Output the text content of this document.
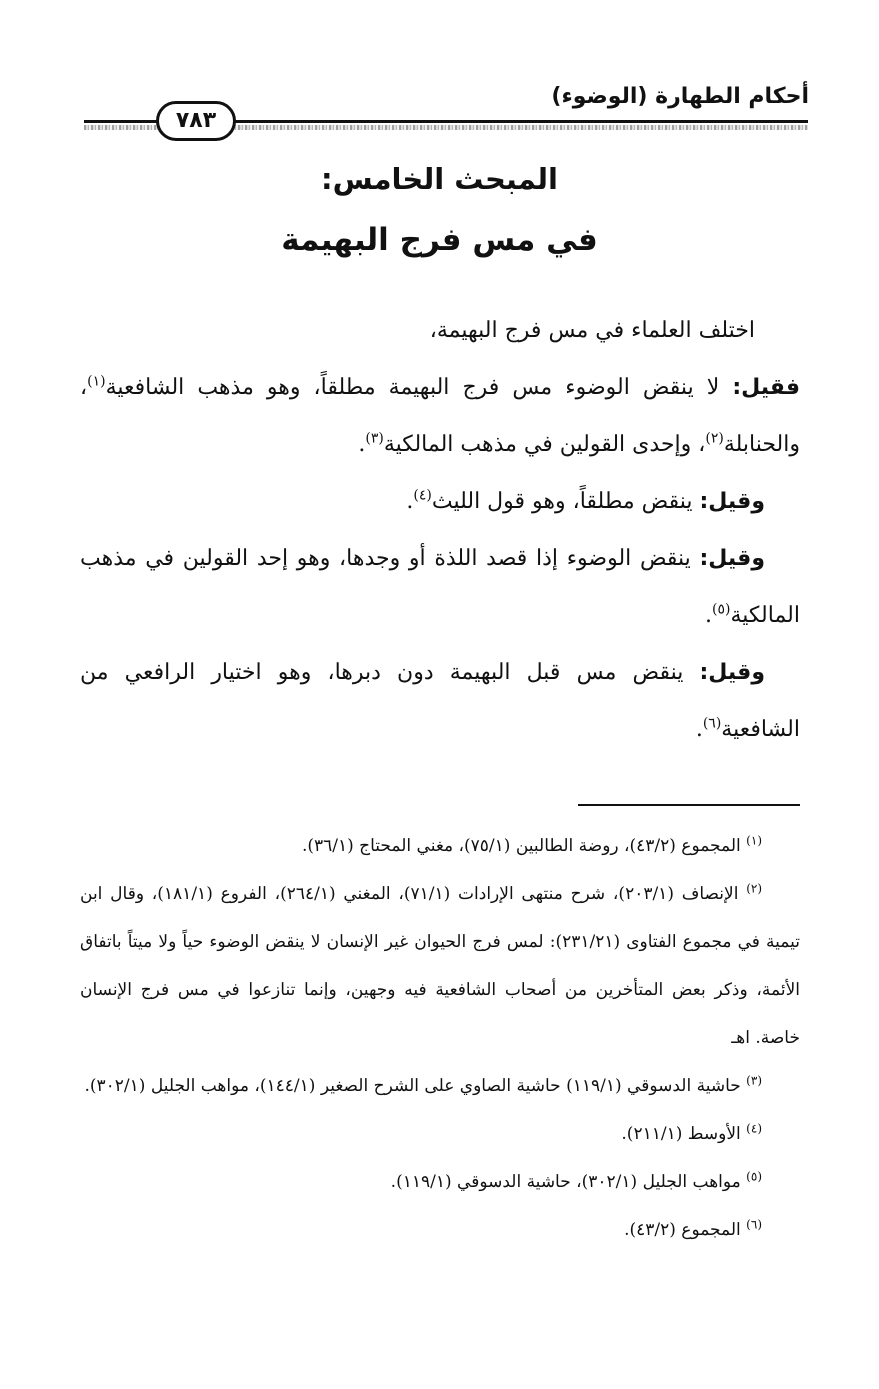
أحكام الطهارة (الوضوء)
٧٨٣
المبحث الخامس:
في مس فرج البهيمة

اختلف العلماء في مس فرج البهيمة،

فقيل: لا ينقض الوضوء مس فرج البهيمة مطلقاً، وهو مذهب الشافعية$^{(١)}$، والحنابلة$^{(٢)}$، وإحدى القولين في مذهب المالكية$^{(٣)}$.

وقيل: ينقض مطلقاً، وهو قول الليث$^{(٤)}$.

وقيل: ينقض الوضوء إذا قصد اللذة أو وجدها، وهو إحد القولين في مذهب المالكية$^{(٥)}$.

وقيل: ينقض مس قبل البهيمة دون دبرها، وهو اختيار الرافعي من الشافعية$^{(٦)}$.

$^{(١)}$ المجموع (٤٣/٢)، روضة الطالبين (٧٥/١)، مغني المحتاج (٣٦/١).

$^{(٢)}$ الإنصاف (٢٠٣/١)، شرح منتهى الإرادات (٧١/١)، المغني (٢٦٤/١)، الفروع (١٨١/١)، وقال ابن تيمية في مجموع الفتاوى (٢٣١/٢١): لمس فرج الحيوان غير الإنسان لا ينقض الوضوء حياً ولا ميتاً باتفاق الأئمة، وذكر بعض المتأخرين من أصحاب الشافعية فيه وجهين، وإنما تنازعوا في مس فرج الإنسان خاصة. اهـ

$^{(٣)}$ حاشية الدسوقي (١١٩/١) حاشية الصاوي على الشرح الصغير (١٤٤/١)، مواهب الجليل (٣٠٢/١).

$^{(٤)}$ الأوسط (٢١١/١).

$^{(٥)}$ مواهب الجليل (٣٠٢/١)، حاشية الدسوقي (١١٩/١).

$^{(٦)}$ المجموع (٤٣/٢).
